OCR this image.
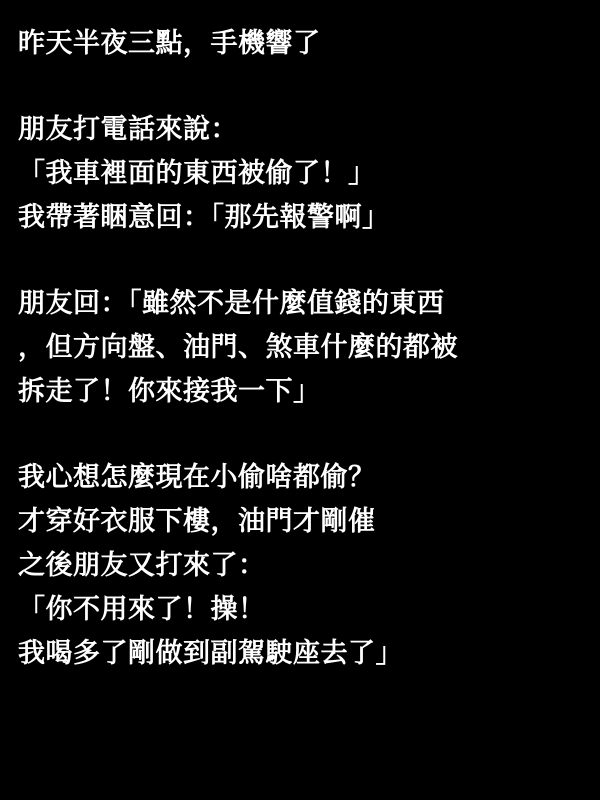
昨天半夜三點，手機響了
朋友打電話來說：
「我車裡面的東西被偷了！」
我帶著睏意回：「那先報警啊」
朋友回：「雖然不是什麼值錢的東西
，但方向盤、油門、煞車什麼的都被
拆走了！你來接我一下」
我心想怎麼現在小偷啥都偷？
才穿好衣服下樓，油門才剛催
之後朋友又打來了：
「你不用來了！操！
我喝多了剛做到副駕駛座去了」
